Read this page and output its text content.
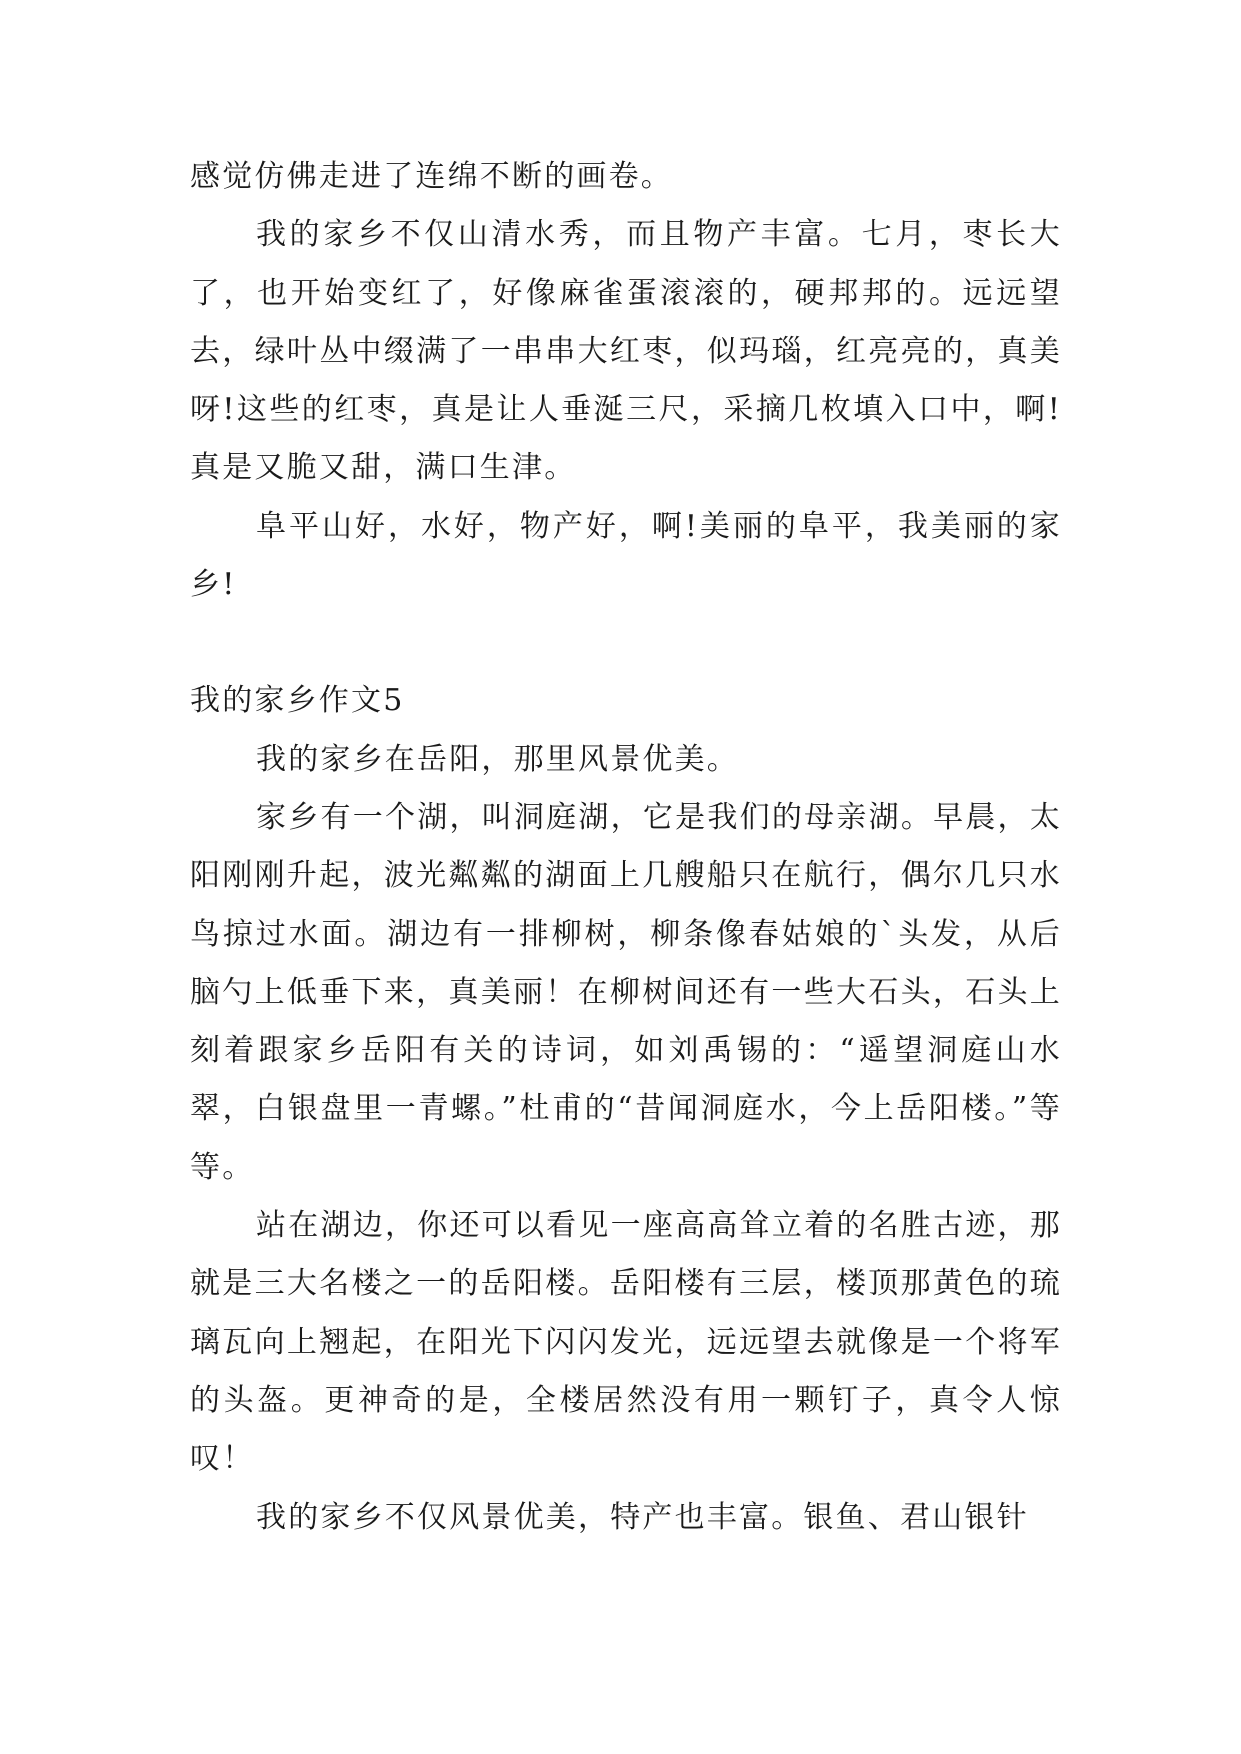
感觉仿佛走进了连绵不断的画卷。

我的家乡不仅山清水秀，而且物产丰富。七月，枣长大了，也开始变红了，好像麻雀蛋滚滚的，硬邦邦的。远远望去，绿叶丛中缀满了一串串大红枣，似玛瑙，红亮亮的，真美呀!这些的红枣，真是让人垂涎三尺，采摘几枚填入口中，啊!真是又脆又甜，满口生津。

阜平山好，水好，物产好，啊!美丽的阜平，我美丽的家乡!

我的家乡作文5

我的家乡在岳阳，那里风景优美。

家乡有一个湖，叫洞庭湖，它是我们的母亲湖。早晨，太阳刚刚升起，波光粼粼的湖面上几艘船只在航行，偶尔几只水鸟掠过水面。湖边有一排柳树，柳条像春姑娘的`头发，从后脑勺上低垂下来，真美丽！在柳树间还有一些大石头，石头上刻着跟家乡岳阳有关的诗词，如刘禹锡的：“遥望洞庭山水翠，白银盘里一青螺。”杜甫的“昔闻洞庭水，今上岳阳楼。”等等。

站在湖边，你还可以看见一座高高耸立着的名胜古迹，那就是三大名楼之一的岳阳楼。岳阳楼有三层，楼顶那黄色的琉璃瓦向上翘起，在阳光下闪闪发光，远远望去就像是一个将军的头盔。更神奇的是，全楼居然没有用一颗钉子，真令人惊叹！

我的家乡不仅风景优美，特产也丰富。银鱼、君山银针
